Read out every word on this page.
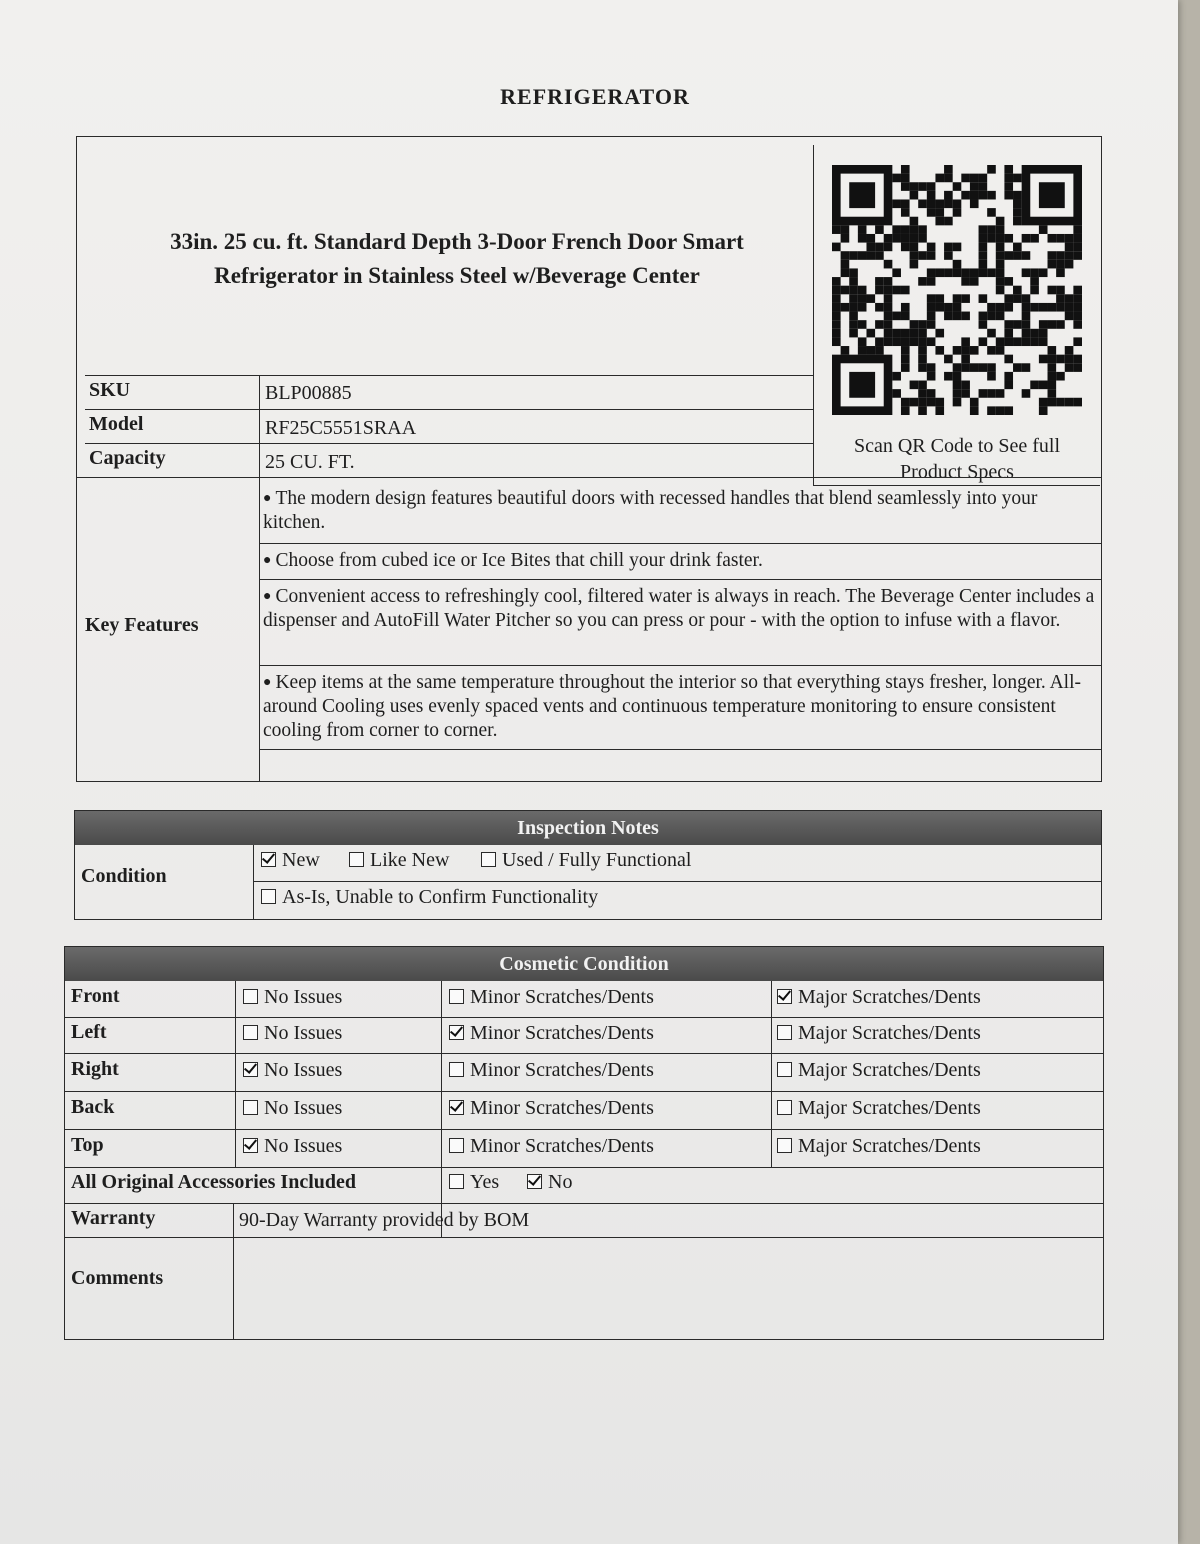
REFRIGERATOR
33in. 25 cu. ft. Standard Depth 3-Door French Door Smart
Refrigerator in Stainless Steel w/Beverage Center
Scan QR Code to See full
Product Specs
SKU	BLP00885
Model	RF25C5551SRAA
Capacity	25 CU. FT.
Key Features
● The modern design features beautiful doors with recessed handles that blend seamlessly into your kitchen.
● Choose from cubed ice or Ice Bites that chill your drink faster.
● Convenient access to refreshingly cool, filtered water is always in reach. The Beverage Center includes a dispenser and AutoFill Water Pitcher so you can press or pour - with the option to infuse with a flavor.
● Keep items at the same temperature throughout the interior so that everything stays fresher, longer. All-around Cooling uses evenly spaced vents and continuous temperature monitoring to ensure consistent cooling from corner to corner.
Inspection Notes
Condition
New	Like New	Used / Fully Functional
As-Is, Unable to Confirm Functionality
Cosmetic Condition
Front	No Issues	Minor Scratches/Dents	Major Scratches/Dents
Left	No Issues	Minor Scratches/Dents	Major Scratches/Dents
Right	No Issues	Minor Scratches/Dents	Major Scratches/Dents
Back	No Issues	Minor Scratches/Dents	Major Scratches/Dents
Top	No Issues	Minor Scratches/Dents	Major Scratches/Dents
All Original Accessories Included	Yes	No
Warranty	90-Day Warranty provided by BOM
Comments
